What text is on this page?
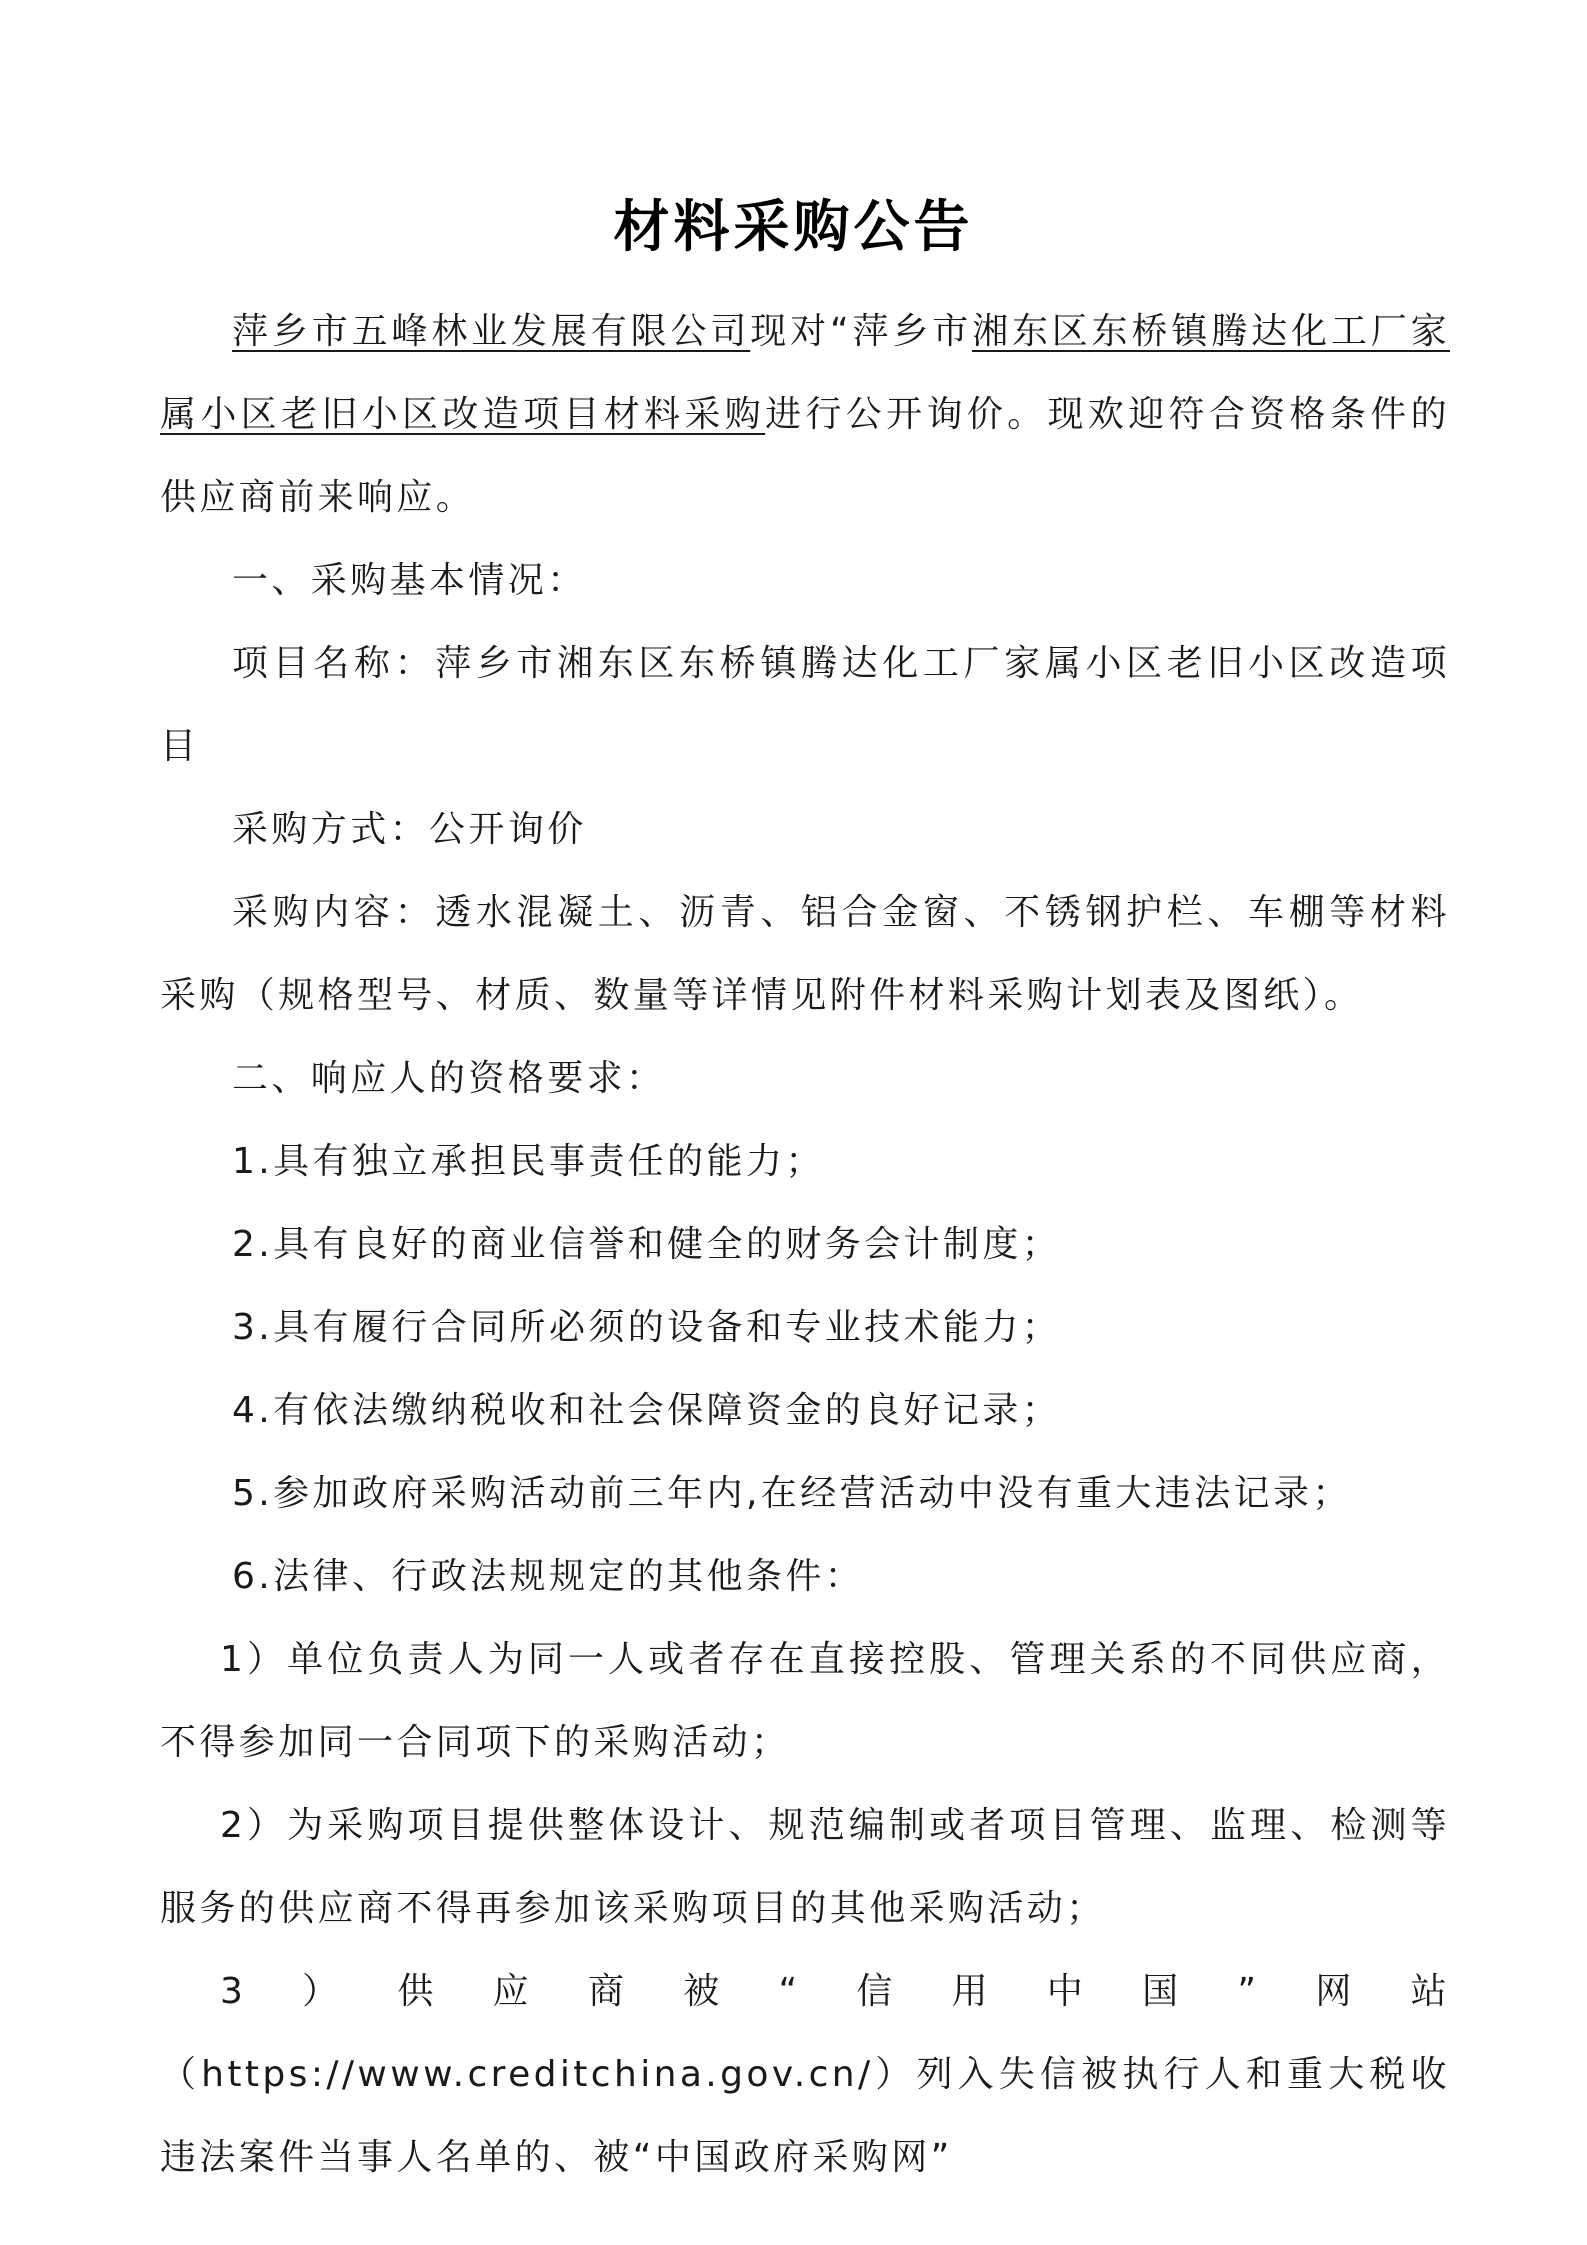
材料采购公告

萍乡市五峰林业发展有限公司现对“萍乡市湘东区东桥镇腾达化工厂家属小区老旧小区改造项目材料采购进行公开询价。现欢迎符合资格条件的供应商前来响应。

一、采购基本情况：

项目名称：萍乡市湘东区东桥镇腾达化工厂家属小区老旧小区改造项目

采购方式：公开询价

采购内容：透水混凝土、沥青、铝合金窗、不锈钢护栏、车棚等材料采购（规格型号、材质、数量等详情见附件材料采购计划表及图纸）。

二、响应人的资格要求：

1.具有独立承担民事责任的能力；

2.具有良好的商业信誉和健全的财务会计制度；

3.具有履行合同所必须的设备和专业技术能力；

4.有依法缴纳税收和社会保障资金的良好记录；

5.参加政府采购活动前三年内,在经营活动中没有重大违法记录；

6.法律、行政法规规定的其他条件：

1）单位负责人为同一人或者存在直接控股、管理关系的不同供应商，不得参加同一合同项下的采购活动；

2）为采购项目提供整体设计、规范编制或者项目管理、监理、检测等服务的供应商不得再参加该采购项目的其他采购活动；

3）供应商被“信用中国”网站（https://www.creditchina.gov.cn/）列入失信被执行人和重大税收违法案件当事人名单的、被“中国政府采购网”
